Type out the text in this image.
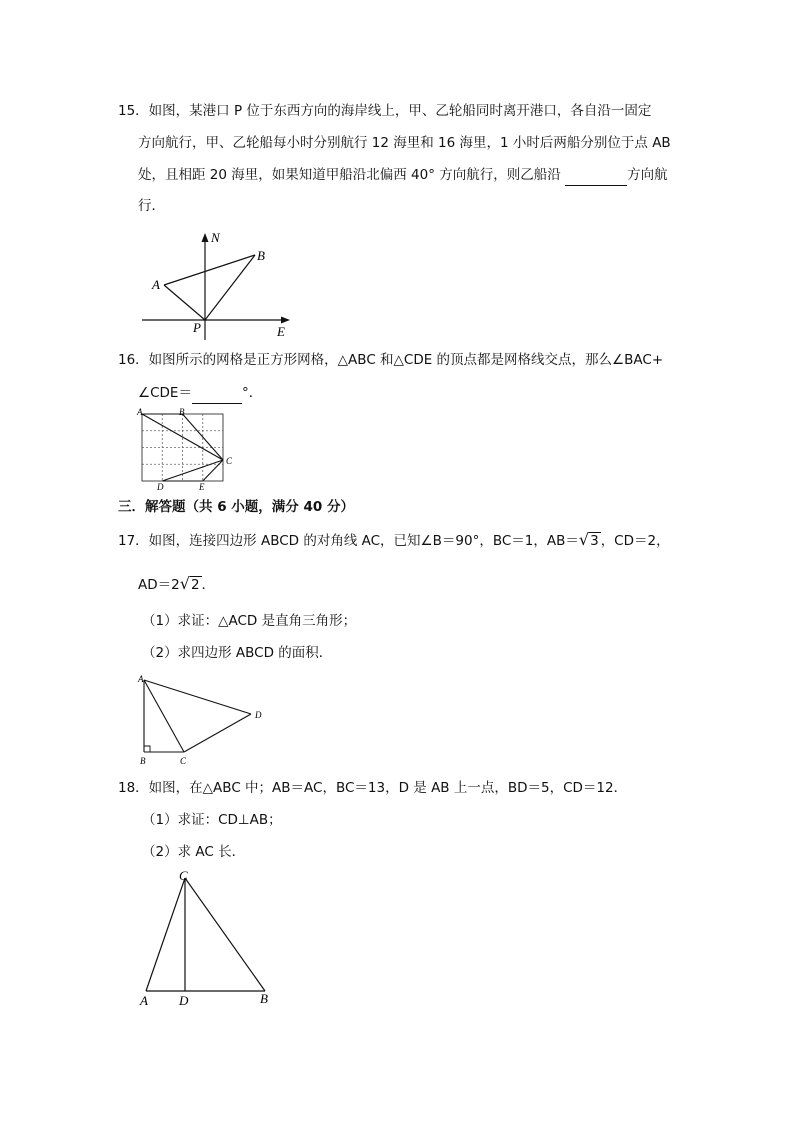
15．如图，某港口 P 位于东西方向的海岸线上，甲、乙轮船同时离开港口，各自沿一固定
方向航行，甲、乙轮船每小时分别航行 12 海里和 16 海里，1 小时后两船分别位于点 AB
处，且相距 20 海里，如果知道甲船沿北偏西 40° 方向航行，则乙船沿	方向航
行．
N
B
A
P	E
16．如图所示的网格是正方形网格，△ABC 和△CDE 的顶点都是网格线交点，那么∠BAC+
∠CDE＝	°．
A	B
C
D	E
三．解答题（共 6 小题，满分 40 分）
17．如图，连接四边形 ABCD 的对角线 AC，已知∠B＝90°，BC＝1，AB＝√3 ，CD＝2，
AD＝2√2 ．
（1）求证：△ACD 是直角三角形；
（2）求四边形 ABCD 的面积．
A
B	C
D
18．如图，在△ABC 中；AB＝AC，BC＝13，D 是 AB 上一点，BD＝5，CD＝12．
（1）求证：CD⊥AB；
（2）求 AC 长．
C
A D	B
